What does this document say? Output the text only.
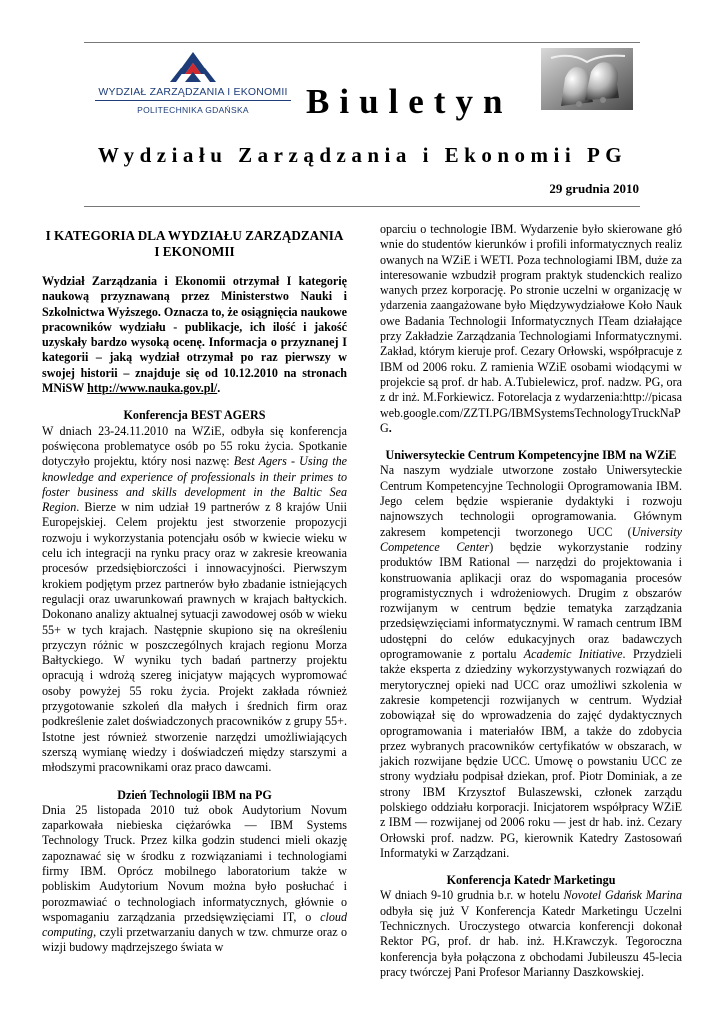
WYDZIAŁ ZARZĄDZANIA I EKONOMII
POLITECHNIKA GDAŃSKA	Biuletyn
Wydziału Zarządzania i Ekonomii PG
29 grudnia 2010
I KATEGORIA DLA WYDZIAŁU ZARZĄDZANIA I EKONOMII

Wydział Zarządzania i Ekonomii otrzymał I kategorię naukową przyznawaną przez Ministerstwo Nauki i Szkolnictwa Wyższego. Oznacza to, że osiągnięcia naukowe pracowników wydziału - publikacje, ich ilość i jakość uzyskały bardzo wysoką ocenę. Informacja o przyznanej I kategorii – jaką wydział otrzymał po raz pierwszy w swojej historii – znajduje się od 10.12.2010 na stronach MNiSW http://www.nauka.gov.pl/.

Konferencja BEST AGERS

W dniach 23-24.11.2010 na WZiE, odbyła się konferencja poświęcona problematyce osób po 55 roku życia. Spotkanie dotyczyło projektu, który nosi nazwę: Best Agers - Using the knowledge and experience of professionals in their primes to foster business and skills development in the Baltic Sea Region. Bierze w nim udział 19 partnerów z 8 krajów Unii Europejskiej. Celem projektu jest stworzenie propozycji rozwoju i wykorzystania potencjału osób w kwiecie wieku w celu ich integracji na rynku pracy oraz w zakresie kreowania procesów przedsiębiorczości i innowacyjności. Pierwszym krokiem podjętym przez partnerów było zbadanie istniejących regulacji oraz uwarunkowań prawnych w krajach bałtyckich. Dokonano analizy aktualnej sytuacji zawodowej osób w wieku 55+ w tych krajach. Następnie skupiono się na określeniu przyczyn różnic w poszczególnych krajach regionu Morza Bałtyckiego. W wyniku tych badań partnerzy projektu opracują i wdrożą szereg inicjatyw mających wypromować osoby powyżej 55 roku życia. Projekt zakłada również przygotowanie szkoleń dla małych i średnich firm oraz podkreślenie zalet doświadczonych pracowników z grupy 55+. Istotne jest również stworzenie narzędzi umożliwiających szerszą wymianę wiedzy i doświadczeń między starszymi a młodszymi pracownikami oraz praco dawcami.

Dzień Technologii IBM na PG

Dnia 25 listopada 2010 tuż obok Audytorium Novum zaparkowała niebieska ciężarówka — IBM Systems Technology Truck. Przez kilka godzin studenci mieli okazję zapoznawać się w środku z rozwiązaniami i technologiami firmy IBM. Oprócz mobilnego laboratorium także w pobliskim Audytorium Novum można było posłuchać i porozmawiać o technologiach informatycznych, głównie o wspomaganiu zarządzania przedsięwzięciami IT, o cloud computing, czyli przetwarzaniu danych w tzw. chmurze oraz o wizji budowy mądrzejszego świata w

oparciu o technologie IBM. Wydarzenie było skierowane głównie do studentów kierunków i profili informatycznych realizowanych na WZiE i WETI. Poza technologiami IBM, duże zainteresowanie wzbudził program praktyk studenckich realizowanych przez korporację. Po stronie uczelni w organizację wydarzenia zaangażowane było Międzywydziałowe Koło Naukowe Badania Technologii Informatycznych ITeam działające przy Zakładzie Zarządzania Technologiami Informatycznymi. Zakład, którym kieruje prof. Cezary Orłowski, współpracuje z IBM od 2006 roku. Z ramienia WZiE osobami wiodącymi w projekcie są prof. dr hab. A.Tubielewicz, prof. nadzw. PG, oraz dr inż. M.Forkiewicz. Fotorelacja z wydarzenia:http://picasaweb.google.com/ZZTI.PG/IBMSystemsTechnologyTruckNaPG.

Uniwersyteckie Centrum Kompetencyjne IBM na WZiE

Na naszym wydziale utworzone zostało Uniwersyteckie Centrum Kompetencyjne Technologii Oprogramowania IBM. Jego celem będzie wspieranie dydaktyki i rozwoju najnowszych technologii oprogramowania. Głównym zakresem kompetencji tworzonego UCC (University Competence Center) będzie wykorzystanie rodziny produktów IBM Rational — narzędzi do projektowania i konstruowania aplikacji oraz do wspomagania procesów programistycznych i wdrożeniowych. Drugim z obszarów rozwijanym w centrum będzie tematyka zarządzania przedsięwzięciami informatycznymi. W ramach centrum IBM udostępni do celów edukacyjnych oraz badawczych oprogramowanie z portalu Academic Initiative. Przydzieli także eksperta z dziedziny wykorzystywanych rozwiązań do merytorycznej opieki nad UCC oraz umożliwi szkolenia w zakresie kompetencji rozwijanych w centrum. Wydział zobowiązał się do wprowadzenia do zajęć dydaktycznych oprogramowania i materiałów IBM, a także do zdobycia przez wybranych pracowników certyfikatów w obszarach, w jakich rozwijane będzie UCC. Umowę o powstaniu UCC ze strony wydziału podpisał dziekan, prof. Piotr Dominiak, a ze strony IBM Krzysztof Bulaszewski, członek zarządu polskiego oddziału korporacji. Inicjatorem współpracy WZiE z IBM — rozwijanej od 2006 roku — jest dr hab. inż. Cezary Orłowski prof. nadzw. PG, kierownik Katedry Zastosowań Informatyki w Zarządzani.

Konferencja Katedr Marketingu

W dniach 9-10 grudnia b.r. w hotelu Novotel Gdańsk Marina odbyła się już V Konferencja Katedr Marketingu Uczelni Technicznych. Uroczystego otwarcia konferencji dokonał Rektor PG, prof. dr hab. inż. H.Krawczyk. Tegoroczna konferencja była połączona z obchodami Jubileuszu 45-lecia pracy twórczej Pani Profesor Marianny Daszkowskiej.
